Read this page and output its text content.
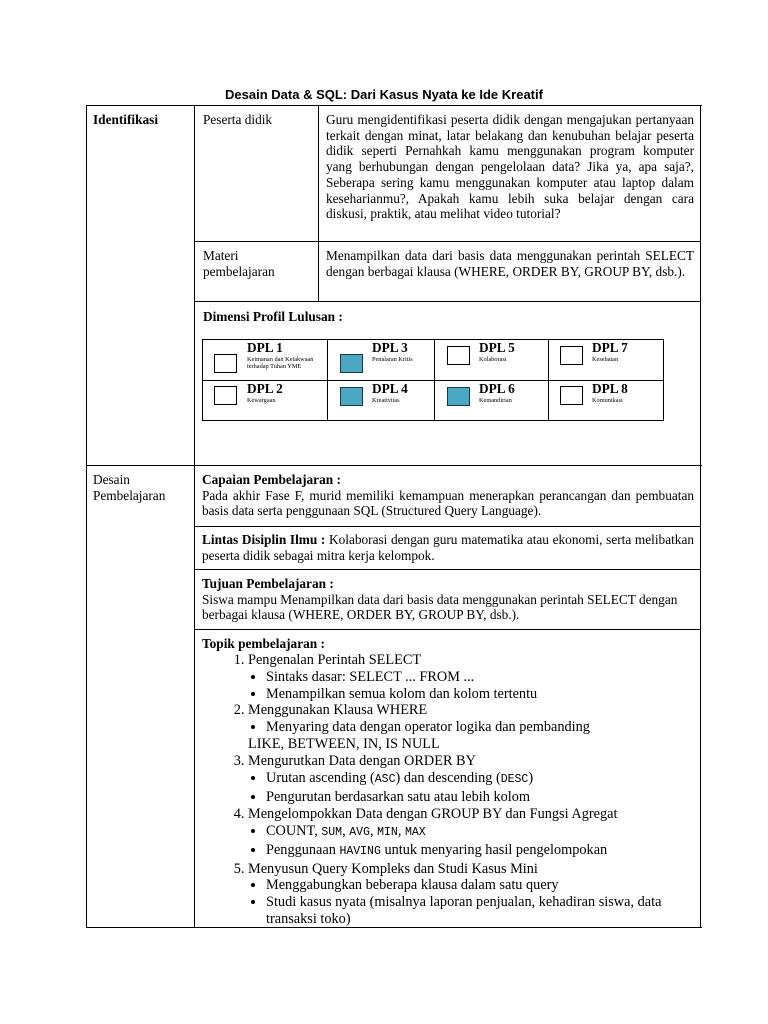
Desain Data & SQL: Dari Kasus Nyata ke Ide Kreatif
Identifikasi	Peserta didik	Guru mengidentifikasi peserta didik dengan mengajukan pertanyaan terkait dengan minat, latar belakang dan kenubuhan belajar peserta didik seperti Pernahkah kamu menggunakan program komputer yang berhubungan dengan pengelolaan data? Jika ya, apa saja?, Seberapa sering kamu menggunakan komputer atau laptop dalam keseharianmu?, Apakah kamu lebih suka belajar dengan cara diskusi, praktik, atau melihat video tutorial?
Materi
pembelajaran
Menampilkan data dari basis data menggunakan perintah SELECT dengan berbagai klausa (WHERE, ORDER BY, GROUP BY, dsb.).
Dimensi Profil Lulusan :
DPL 1
Keimanan dan Ketakwaan terhadap Tuhan YME
DPL 3
Penalaran Kritis
DPL 5
Kolaborasi
DPL 7
Kesehatan
DPL 2
Kewargaan
DPL 4
Kreativitas
DPL 6
Kemandirian
DPL 8
Komunikasi
Desain
Pembelajaran
Capaian Pembelajaran :
Pada akhir Fase F, murid memiliki kemampuan menerapkan perancangan dan pembuatan basis data serta penggunaan SQL (Structured Query Language).
Lintas Disiplin Ilmu : Kolaborasi dengan guru matematika atau ekonomi, serta melibatkan peserta didik sebagai mitra kerja kelompok.
Tujuan Pembelajaran :
Siswa mampu Menampilkan data dari basis data menggunakan perintah SELECT dengan berbagai klausa (WHERE, ORDER BY, GROUP BY, dsb.).
Topik pembelajaran :
1. Pengenalan Perintah SELECT
• Sintaks dasar: SELECT ... FROM ...
• Menampilkan semua kolom dan kolom tertentu
2. Menggunakan Klausa WHERE
• Menyaring data dengan operator logika dan pembanding
LIKE, BETWEEN, IN, IS NULL
3. Mengurutkan Data dengan ORDER BY
• Urutan ascending (ASC) dan descending (DESC)
• Pengurutan berdasarkan satu atau lebih kolom
4. Mengelompokkan Data dengan GROUP BY dan Fungsi Agregat
• COUNT, SUM, AVG, MIN, MAX
• Penggunaan HAVING untuk menyaring hasil pengelompokan
5. Menyusun Query Kompleks dan Studi Kasus Mini
• Menggabungkan beberapa klausa dalam satu query
• Studi kasus nyata (misalnya laporan penjualan, kehadiran siswa, data transaksi toko)
